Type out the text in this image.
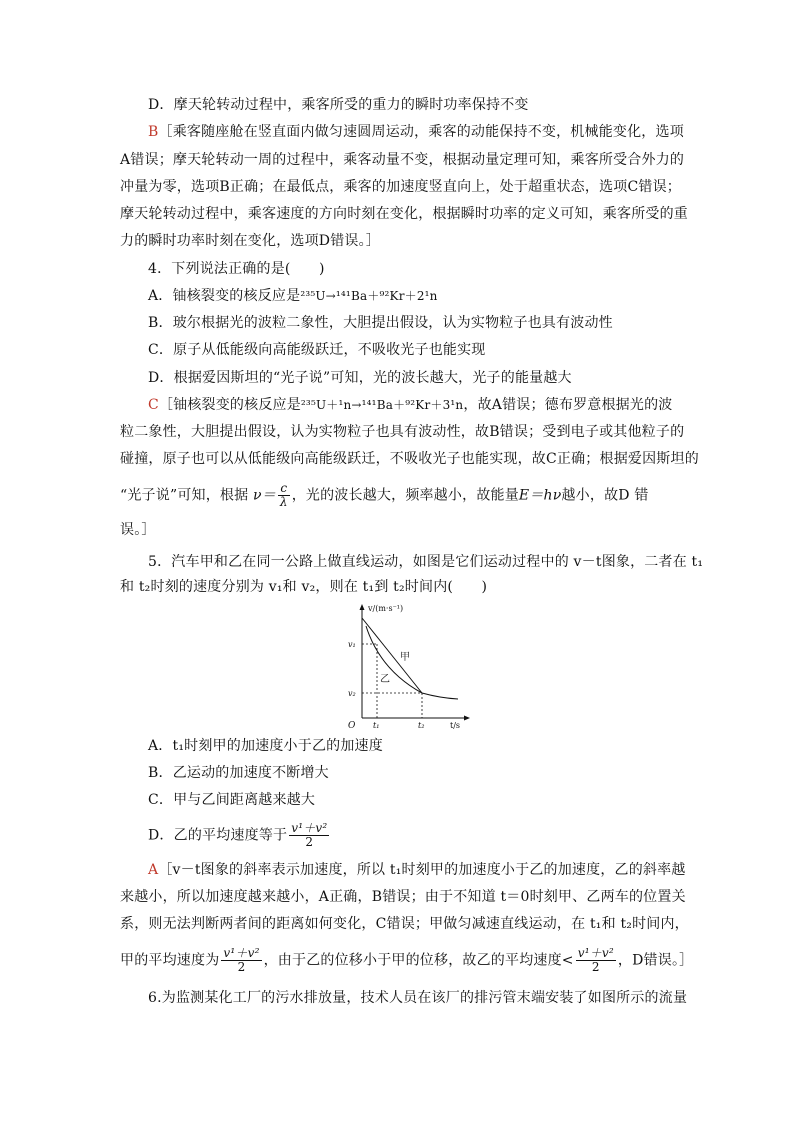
D．摩天轮转动过程中，乘客所受的重力的瞬时功率保持不变
B［乘客随座舱在竖直面内做匀速圆周运动，乘客的动能保持不变，机械能变化，选项
A错误；摩天轮转动一周的过程中，乘客动量不变，根据动量定理可知，乘客所受合外力的
冲量为零，选项B正确；在最低点，乘客的加速度竖直向上，处于超重状态，选项C错误；
摩天轮转动过程中，乘客速度的方向时刻在变化，根据瞬时功率的定义可知，乘客所受的重
力的瞬时功率时刻在变化，选项D错误。］
4．下列说法正确的是(　　)
A．铀核裂变的核反应是²³⁵U→¹⁴¹Ba＋⁹²Kr＋2¹n
B．玻尔根据光的波粒二象性，大胆提出假设，认为实物粒子也具有波动性
C．原子从低能级向高能级跃迁，不吸收光子也能实现
D．根据爱因斯坦的“光子说”可知，光的波长越大，光子的能量越大
C［铀核裂变的核反应是²³⁵U＋¹n→¹⁴¹Ba＋⁹²Kr＋3¹n，故A错误；德布罗意根据光的波
粒二象性，大胆提出假设，认为实物粒子也具有波动性，故B错误；受到电子或其他粒子的
碰撞，原子也可以从低能级向高能级跃迁，不吸收光子也能实现，故C正确；根据爱因斯坦的
“光子说”可知，根据 $\nu= \frac{c}{\lambda}$ ，光的波长越大，频率越小，故能量E＝hν越小，故D 错
误。］
5．汽车甲和乙在同一公路上做直线运动，如图是它们运动过程中的 v－t图象，二者在 t₁
和 t₂时刻的速度分别为 v₁和 v₂，则在 t₁到 t₂时间内(　　)
v/(m·s⁻¹)
t/s
O
v₁
v₂
t₁	t₂
甲
乙
A．t₁时刻甲的加速度小于乙的加速度
B．乙运动的加速度不断增大
C．甲与乙间距离越来越大
D．乙的平均速度等于 $\frac{\text{v¹＋v²}}{2}$
A［v－t图象的斜率表示加速度，所以 t₁时刻甲的加速度小于乙的加速度，乙的斜率越
来越小，所以加速度越来越小，A正确，B错误；由于不知道 t＝0时刻甲、乙两车的位置关
系，则无法判断两者间的距离如何变化，C错误；甲做匀减速直线运动，在 t₁和 t₂时间内，
甲的平均速度为 $\frac{\text{v¹＋v²}}{2}$ ，由于乙的位移小于甲的位移，故乙的平均速度< $\frac{\text{v¹＋v²}}{2}$ ，D错误。］
6.为监测某化工厂的污水排放量，技术人员在该厂的排污管末端安装了如图所示的流量
